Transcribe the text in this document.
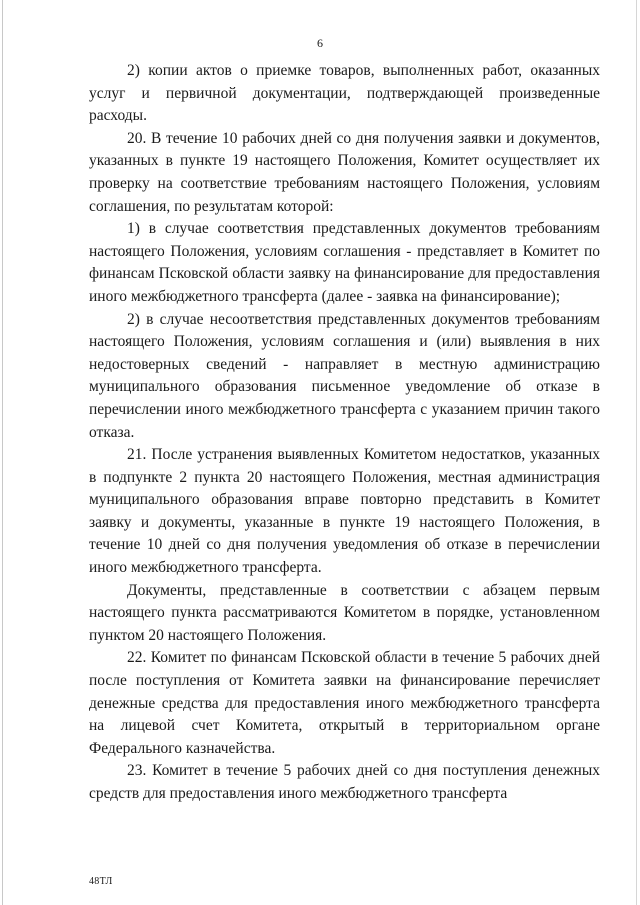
6

2) копии актов о приемке товаров, выполненных работ, оказанных услуг и первичной документации, подтверждающей произведенные расходы.

20. В течение 10 рабочих дней со дня получения заявки и документов, указанных в пункте 19 настоящего Положения, Комитет осуществляет их проверку на соответствие требованиям настоящего Положения, условиям соглашения, по результатам которой:

1) в случае соответствия представленных документов требованиям настоящего Положения, условиям соглашения - представляет в Комитет по финансам Псковской области заявку на финансирование для предоставления иного межбюджетного трансферта (далее - заявка на финансирование);

2) в случае несоответствия представленных документов требованиям настоящего Положения, условиям соглашения и (или) выявления в них недостоверных сведений - направляет в местную администрацию муниципального образования письменное уведомление об отказе в перечислении иного межбюджетного трансферта с указанием причин такого отказа.

21. После устранения выявленных Комитетом недостатков, указанных в подпункте 2 пункта 20 настоящего Положения, местная администрация муниципального образования вправе повторно представить в Комитет заявку и документы, указанные в пункте 19 настоящего Положения, в течение 10 дней со дня получения уведомления об отказе в перечислении иного межбюджетного трансферта.

Документы, представленные в соответствии с абзацем первым настоящего пункта рассматриваются Комитетом в порядке, установленном пунктом 20 настоящего Положения.

22. Комитет по финансам Псковской области в течение 5 рабочих дней после поступления от Комитета заявки на финансирование перечисляет денежные средства для предоставления иного межбюджетного трансферта на лицевой счет Комитета, открытый в территориальном органе Федерального казначейства.

23. Комитет в течение 5 рабочих дней со дня поступления денежных средств для предоставления иного межбюджетного трансферта

48ТЛ
